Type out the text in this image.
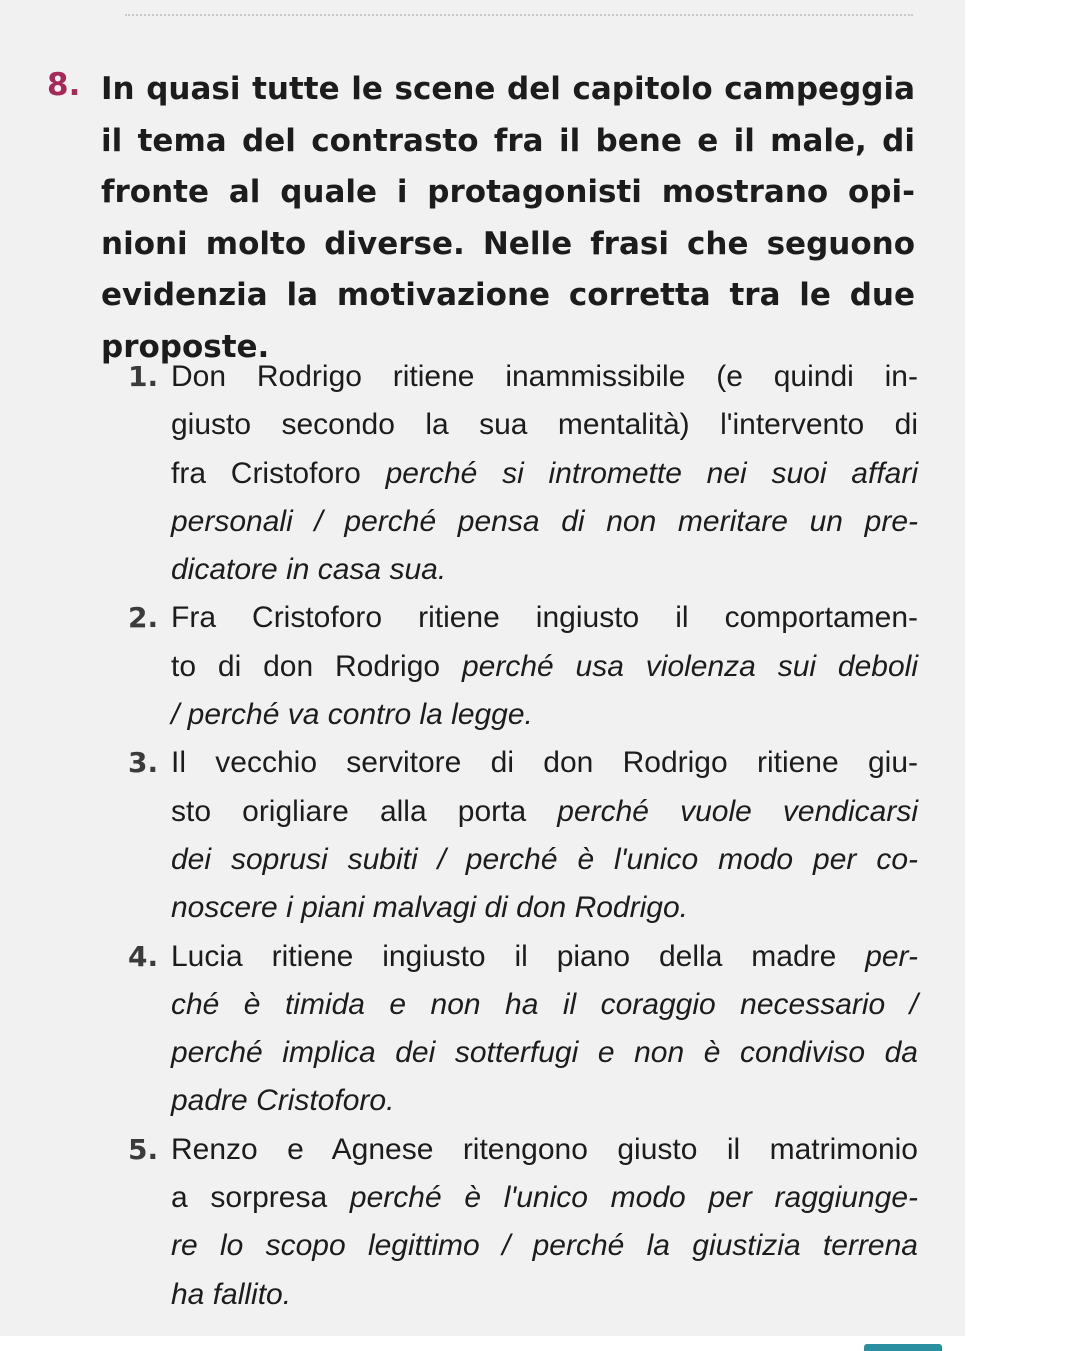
8. In quasi tutte le scene del capitolo campeggia
il tema del contrasto fra il bene e il male, di
fronte al quale i protagonisti mostrano opi-
nioni molto diverse. Nelle frasi che seguono
evidenzia la motivazione corretta tra le due
proposte.
1. Don Rodrigo ritiene inammissibile (e quindi in-
giusto secondo la sua mentalità) l'intervento di
fra Cristoforo perché si intromette nei suoi affari
personali / perché pensa di non meritare un pre-
dicatore in casa sua.
2. Fra Cristoforo ritiene ingiusto il comportamen-
to di don Rodrigo perché usa violenza sui deboli
/ perché va contro la legge.
3. Il vecchio servitore di don Rodrigo ritiene giu-
sto origliare alla porta perché vuole vendicarsi
dei soprusi subiti / perché è l'unico modo per co-
noscere i piani malvagi di don Rodrigo.
4. Lucia ritiene ingiusto il piano della madre per-
ché è timida e non ha il coraggio necessario /
perché implica dei sotterfugi e non è condiviso da
padre Cristoforo.
5. Renzo e Agnese ritengono giusto il matrimonio
a sorpresa perché è l'unico modo per raggiunge-
re lo scopo legittimo / perché la giustizia terrena
ha fallito.
